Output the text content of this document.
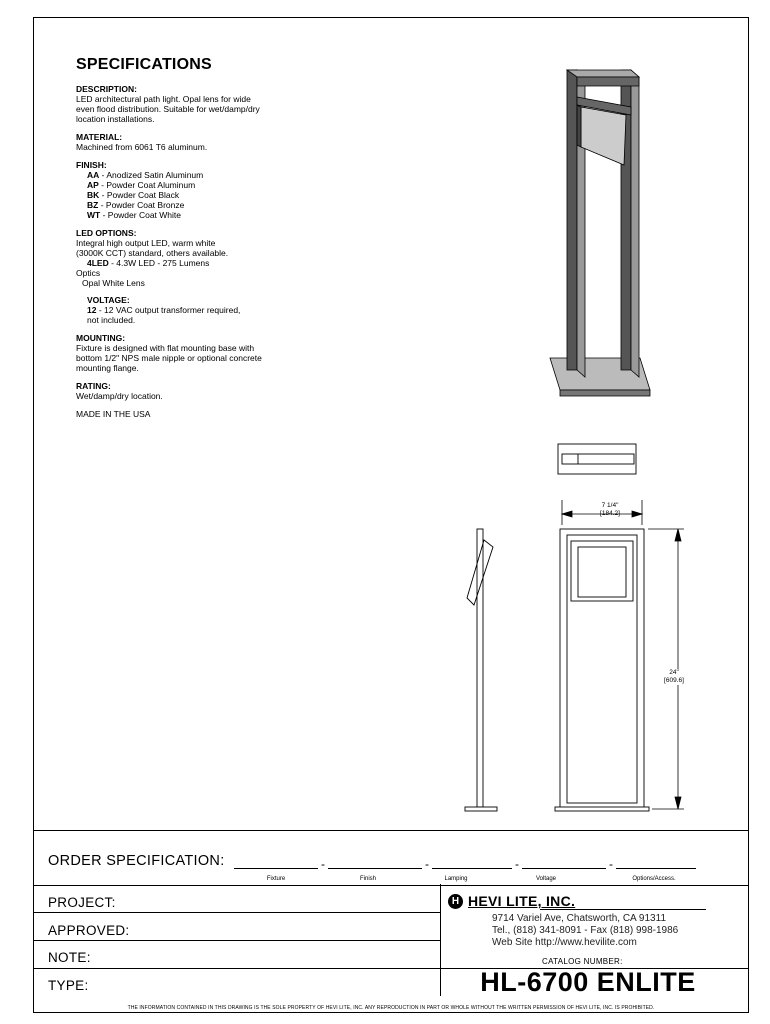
SPECIFICATIONS
DESCRIPTION:
LED architectural path light. Opal lens for wide
even flood distribution. Suitable for wet/damp/dry
location installations.
MATERIAL:
Machined from 6061 T6 aluminum.
FINISH:
AA - Anodized Satin Aluminum
AP - Powder Coat Aluminum
BK - Powder Coat Black
BZ - Powder Coat Bronze
WT - Powder Coat White
LED OPTIONS:
Integral high output LED, warm white
(3000K CCT) standard, others available.
4LED - 4.3W LED - 275 Lumens
Optics
Opal White Lens
VOLTAGE:
12 - 12 VAC output transformer required,
not included.
MOUNTING:
Fixture is designed with flat mounting base with
bottom 1/2" NPS male nipple or optional concrete
mounting flange.
RATING:
Wet/damp/dry location.
MADE IN THE USA
7 1/4"
[184.2]
24"
[609.6]
ORDER SPECIFICATION:	-	-	-	-
Fixture	Finish	Lamping	Voltage	Options/Access.
PROJECT:
APPROVED:
NOTE:
TYPE:
H HEVI LITE, INC.
9714 Variel Ave, Chatsworth, CA 91311
Tel., (818) 341-8091 - Fax (818) 998-1986
Web Site http://www.hevilite.com
CATALOG NUMBER:
HL-6700 ENLITE
THE INFORMATION CONTAINED IN THIS DRAWING IS THE SOLE PROPERTY OF HEVI LITE, INC. ANY REPRODUCTION IN PART OR WHOLE WITHOUT THE WRITTEN PERMISSION OF HEVI LITE, INC. IS PROHIBITED.
